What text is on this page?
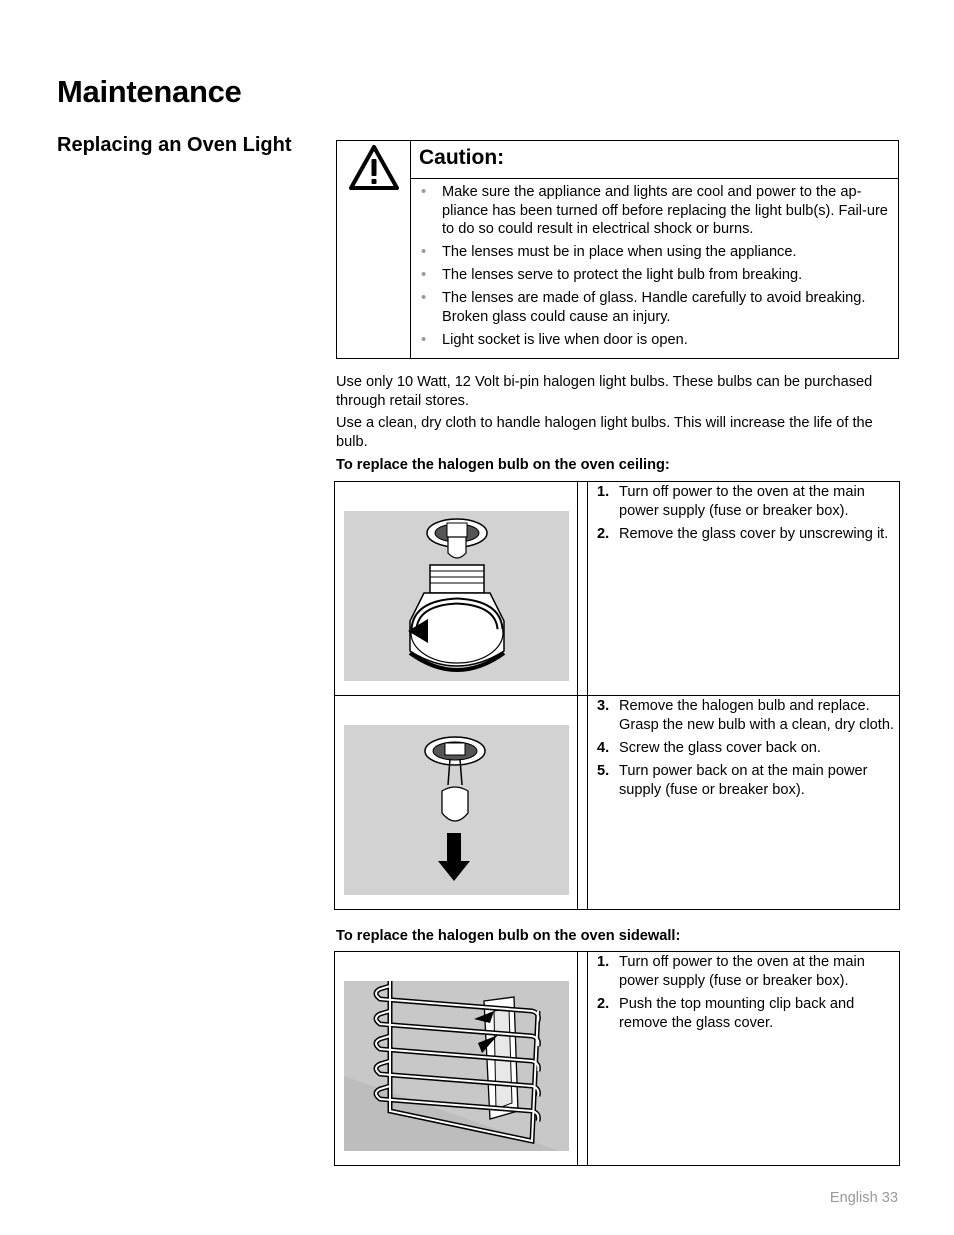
Maintenance
Replacing an Oven Light
Caution:
• Make sure the appliance and lights are cool and power to the ap-pliance has been turned off before replacing the light bulb(s). Fail-ure to do so could result in electrical shock or burns.
• The lenses must be in place when using the appliance.
• The lenses serve to protect the light bulb from breaking.
• The lenses are made of glass. Handle carefully to avoid breaking. Broken glass could cause an injury.
• Light socket is live when door is open.
Use only 10 Watt, 12 Volt bi-pin halogen light bulbs. These bulbs can be purchased through retail stores.
Use a clean, dry cloth to handle halogen light bulbs. This will increase the life of the bulb.
To replace the halogen bulb on the oven ceiling:
1. Turn off power to the oven at the main power supply (fuse or breaker box).
2. Remove the glass cover by unscrewing it.
3. Remove the halogen bulb and replace. Grasp the new bulb with a clean, dry cloth.
4. Screw the glass cover back on.
5. Turn power back on at the main power supply (fuse or breaker box).
To replace the halogen bulb on the oven sidewall:
1. Turn off power to the oven at the main power supply (fuse or breaker box).
2. Push the top mounting clip back and remove the glass cover.
English 33
